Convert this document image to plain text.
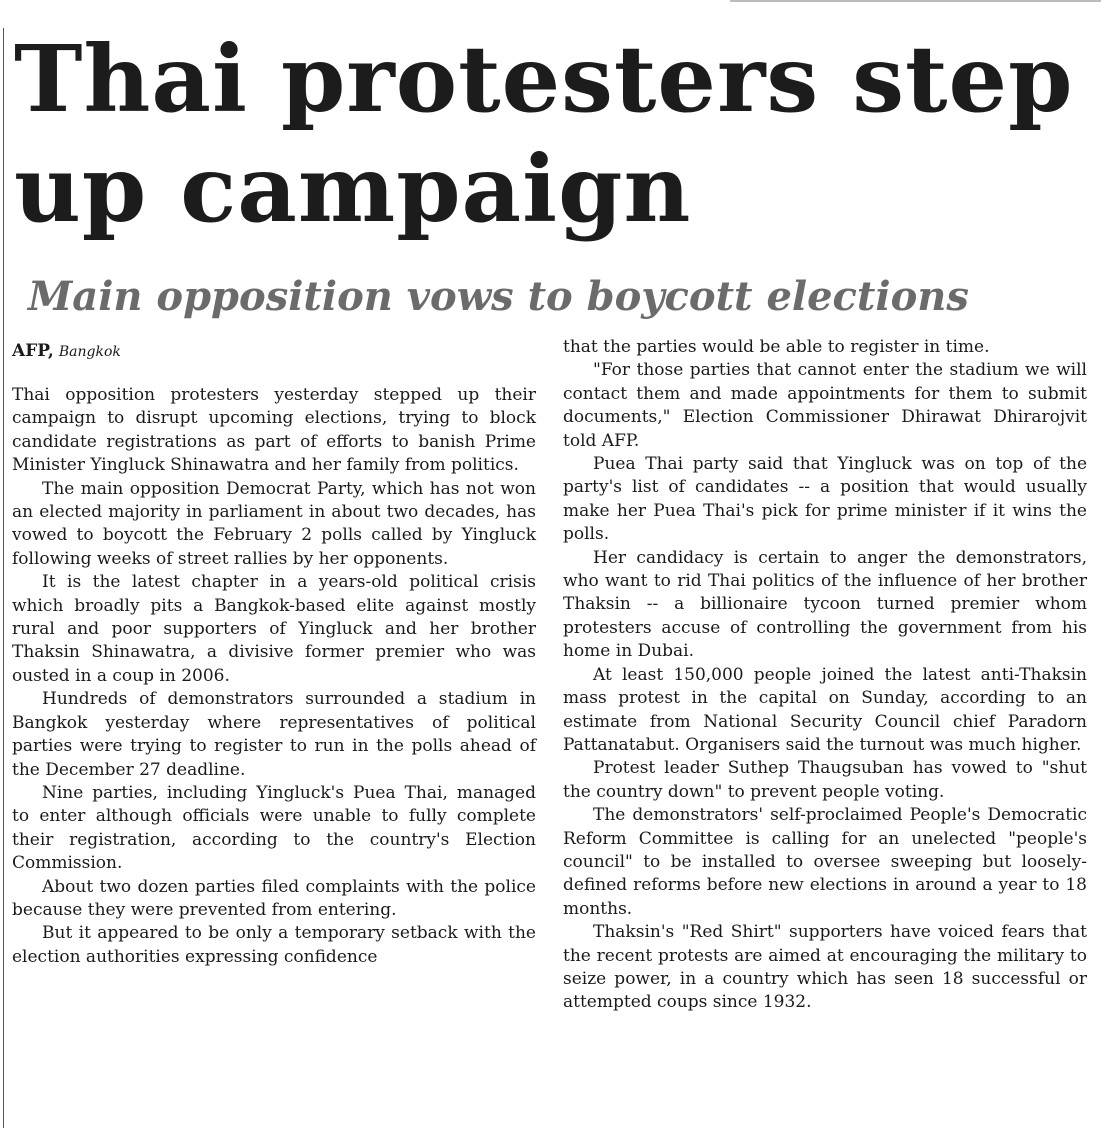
Thai protesters step up campaign
Main opposition vows to boycott elections
AFP, Bangkok

Thai opposition protesters yesterday stepped up their campaign to disrupt upcoming elections, trying to block candidate registrations as part of efforts to banish Prime Minister Yingluck Shinawatra and her family from politics.

The main opposition Democrat Party, which has not won an elected majority in parliament in about two decades, has vowed to boycott the February 2 polls called by Yingluck following weeks of street rallies by her opponents.

It is the latest chapter in a years-old political crisis which broadly pits a Bangkok-based elite against mostly rural and poor supporters of Yingluck and her brother Thaksin Shinawatra, a divisive former premier who was ousted in a coup in 2006.

Hundreds of demonstrators surrounded a stadium in Bangkok yesterday where representatives of political parties were trying to register to run in the polls ahead of the December 27 deadline.

Nine parties, including Yingluck's Puea Thai, managed to enter although officials were unable to fully complete their registration, according to the country's Election Commission.

About two dozen parties filed complaints with the police because they were prevented from entering.

But it appeared to be only a temporary setback with the election authorities expressing confidence

that the parties would be able to register in time.

"For those parties that cannot enter the stadium we will contact them and made appointments for them to submit documents," Election Commissioner Dhirawat Dhirarojvit told AFP.

Puea Thai party said that Yingluck was on top of the party's list of candidates -- a position that would usually make her Puea Thai's pick for prime minister if it wins the polls.

Her candidacy is certain to anger the demonstrators, who want to rid Thai politics of the influence of her brother Thaksin -- a billionaire tycoon turned premier whom protesters accuse of controlling the government from his home in Dubai.

At least 150,000 people joined the latest anti-Thaksin mass protest in the capital on Sunday, according to an estimate from National Security Council chief Paradorn Pattanatabut. Organisers said the turnout was much higher.

Protest leader Suthep Thaugsuban has vowed to "shut the country down" to prevent people voting.

The demonstrators' self-proclaimed People's Democratic Reform Committee is calling for an unelected "people's council" to be installed to oversee sweeping but loosely-defined reforms before new elections in around a year to 18 months.

Thaksin's "Red Shirt" supporters have voiced fears that the recent protests are aimed at encouraging the military to seize power, in a country which has seen 18 successful or attempted coups since 1932.
